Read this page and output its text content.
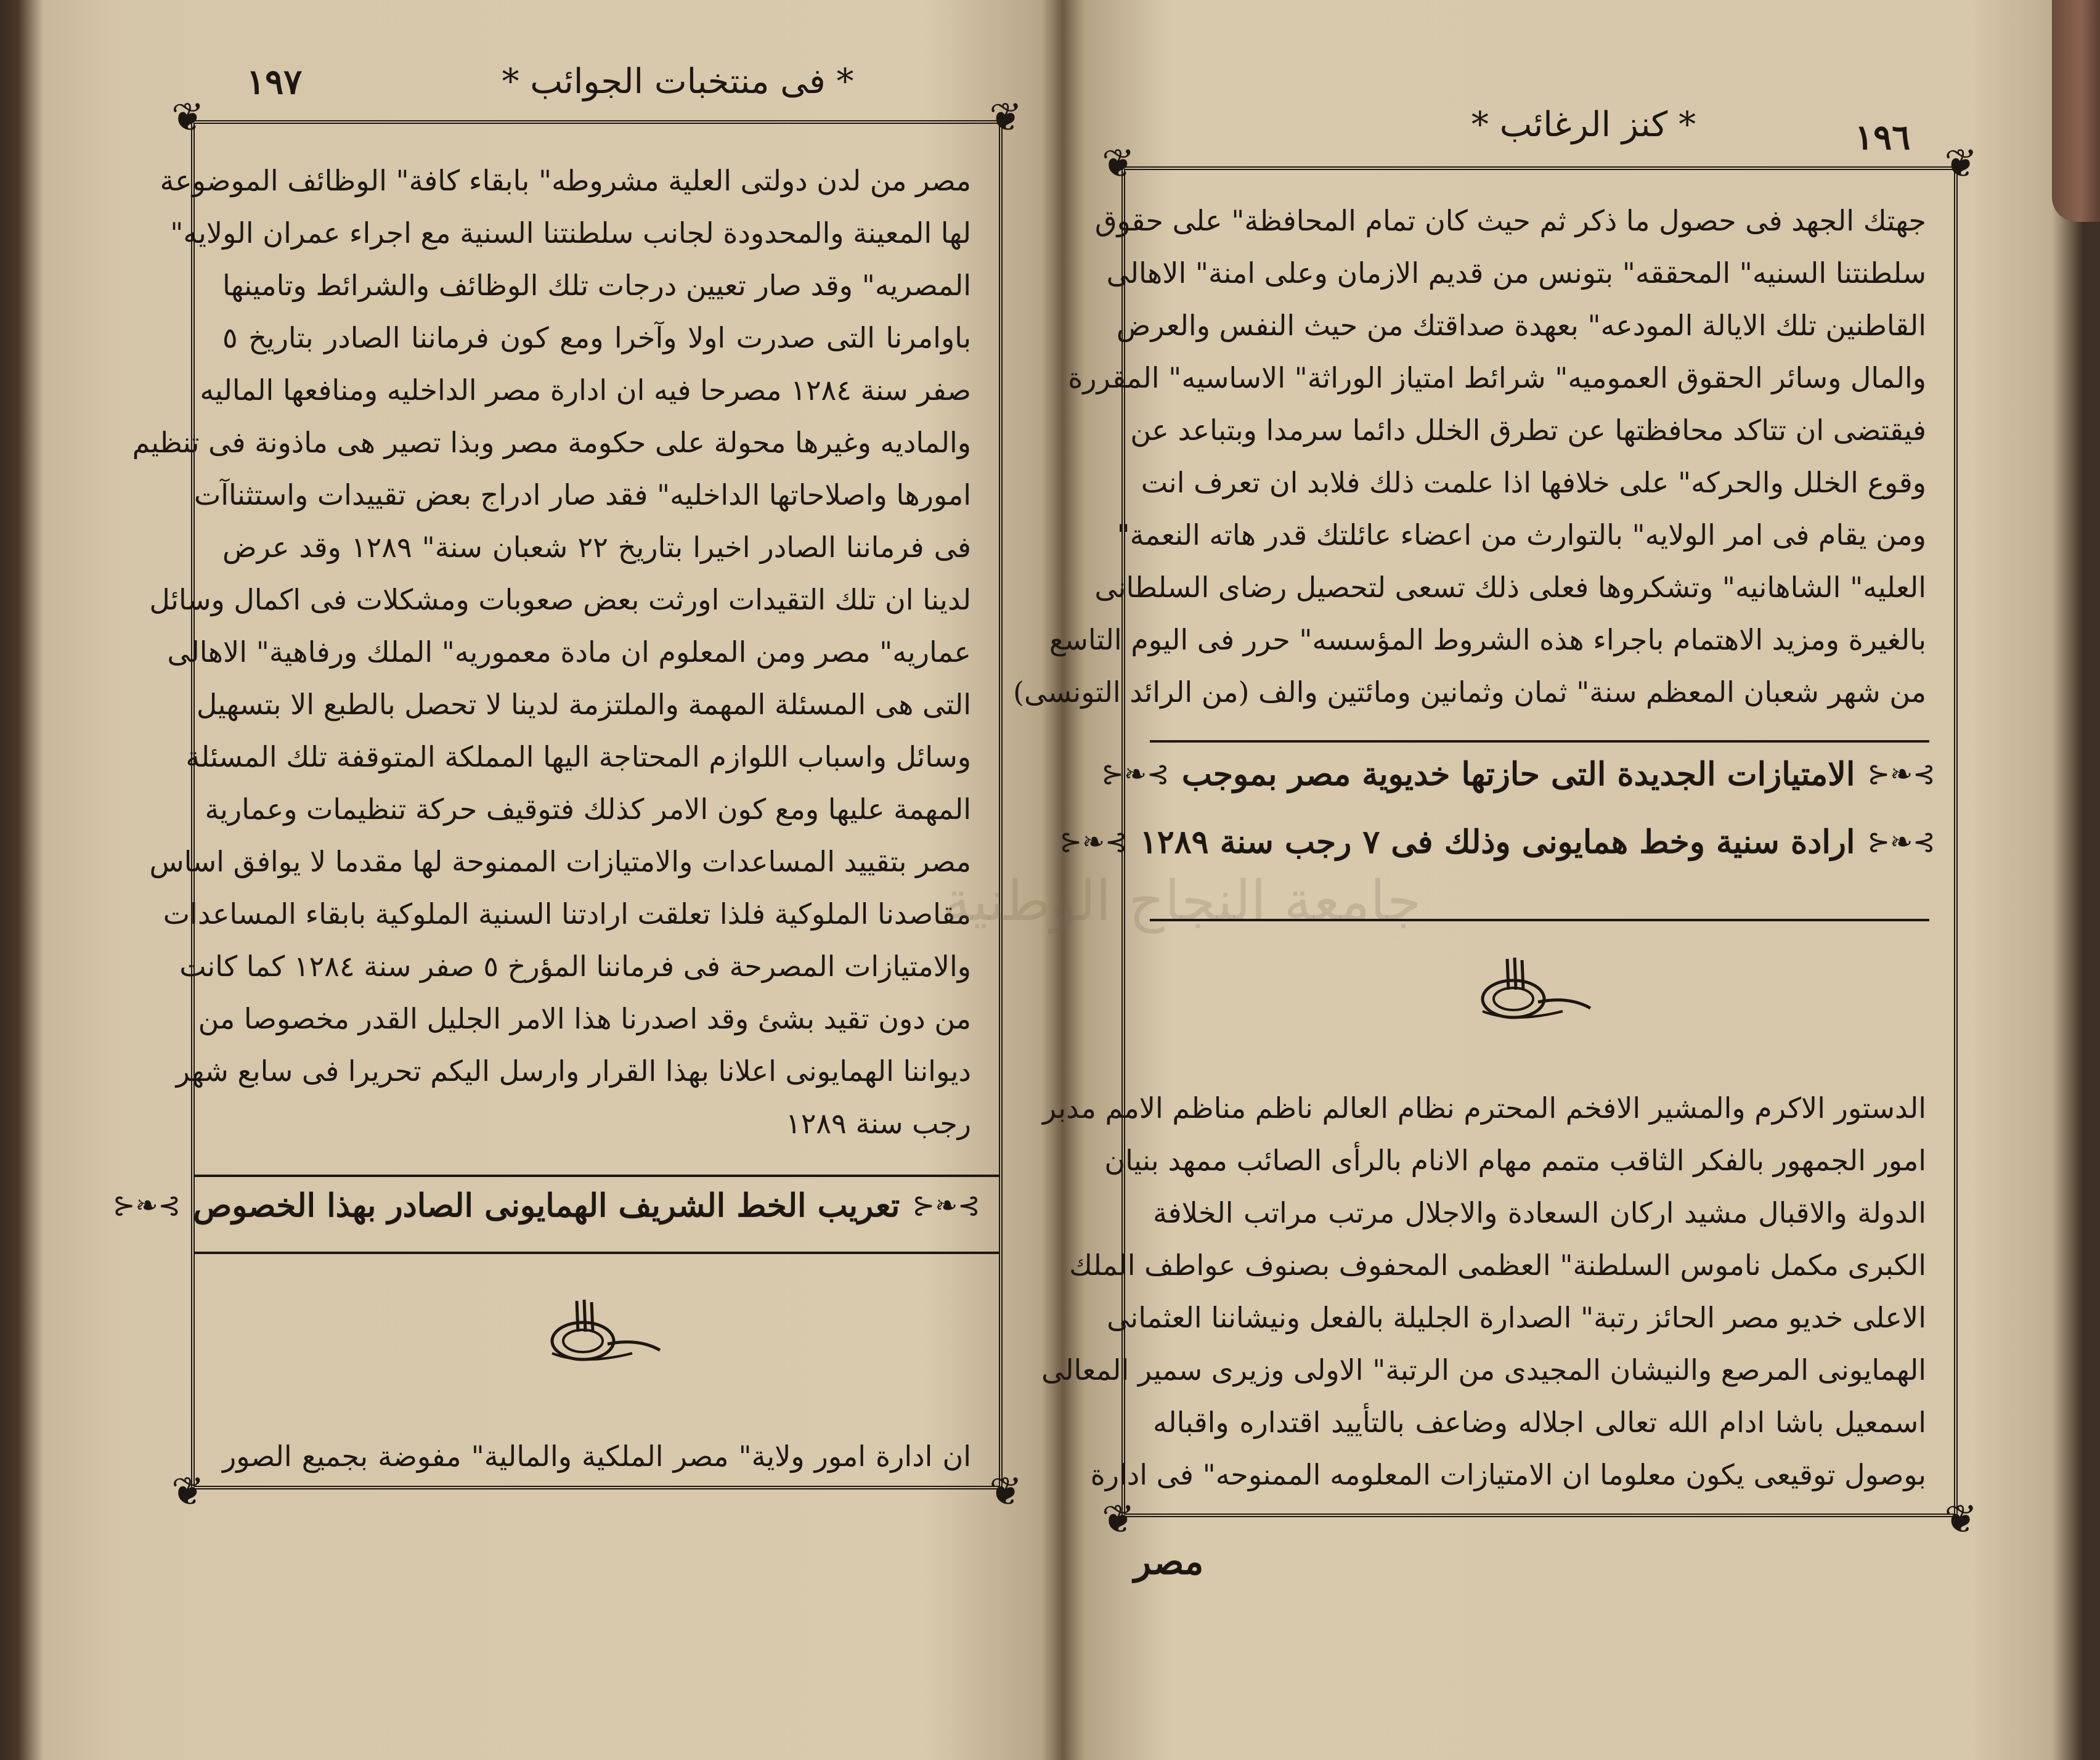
١٩٧	* فى منتخبات الجوائب *
❦	❦
❦	❦
مصر من لدن دولتى العلية مشروطه" بابقاء كافة" الوظائف الموضوعة
لها المعينة والمحدودة لجانب سلطنتنا السنية مع اجراء عمران الولايه"
المصريه" وقد صار تعيين درجات تلك الوظائف والشرائط وتامينها
باوامرنا التى صدرت اولا وآخرا ومع كون فرماننا الصادر بتاريخ ٥
صفر سنة ١٢٨٤ مصرحا فيه ان ادارة مصر الداخليه ومنافعها الماليه
والماديه وغيرها محولة على حكومة مصر وبذا تصير هى ماذونة فى تنظيم
امورها واصلاحاتها الداخليه" فقد صار ادراج بعض تقييدات واستثناآت
فى فرماننا الصادر اخيرا بتاريخ ٢٢ شعبان سنة" ١٢٨٩ وقد عرض
لدينا ان تلك التقيدات اورثت بعض صعوبات ومشكلات فى اكمال وسائل
عماريه" مصر ومن المعلوم ان مادة معموريه" الملك ورفاهية" الاهالى
التى هى المسئلة المهمة والملتزمة لدينا لا تحصل بالطبع الا بتسهيل
وسائل واسباب اللوازم المحتاجة اليها المملكة المتوقفة تلك المسئلة
المهمة عليها ومع كون الامر كذلك فتوقيف حركة تنظيمات وعمارية
مصر بتقييد المساعدات والامتيازات الممنوحة لها مقدما لا يوافق اساس
مقاصدنا الملوكية فلذا تعلقت ارادتنا السنية الملوكية بابقاء المساعدات
والامتيازات المصرحة فى فرماننا المؤرخ ٥ صفر سنة ١٢٨٤ كما كانت
من دون تقيد بشئ وقد اصدرنا هذا الامر الجليل القدر مخصوصا من
ديواننا الهمايونى اعلانا بهذا القرار وارسل اليكم تحريرا فى سابع شهر
رجب سنة ١٢٨٩
⊱❧⊰
تعريب الخط الشريف الهمايونى الصادر بهذا الخصوص
⊱❧⊰
ان ادارة امور ولاية" مصر الملكية والمالية" مفوضة بجميع الصور
جامعة النجاح الوطنية
* كنز الرغائب *	١٩٦
❦	❦
❦	❦
جهتك الجهد فى حصول ما ذكر ثم حيث كان تمام المحافظة" على حقوق
سلطنتنا السنيه" المحققه" بتونس من قديم الازمان وعلى امنة" الاهالى
القاطنين تلك الايالة المودعه" بعهدة صداقتك من حيث النفس والعرض
والمال وسائر الحقوق العموميه" شرائط امتياز الوراثة" الاساسيه" المقررة
فيقتضى ان تتاكد محافظتها عن تطرق الخلل دائما سرمدا وبتباعد عن
وقوع الخلل والحركه" على خلافها اذا علمت ذلك فلابد ان تعرف انت
ومن يقام فى امر الولايه" بالتوارث من اعضاء عائلتك قدر هاته النعمة"
العليه" الشاهانيه" وتشكروها فعلى ذلك تسعى لتحصيل رضاى السلطانى
بالغيرة ومزيد الاهتمام باجراء هذه الشروط المؤسسه" حرر فى اليوم التاسع
من شهر شعبان المعظم سنة" ثمان وثمانين ومائتين والف (من الرائد التونسى)
⊱❧⊰
الامتيازات الجديدة التى حازتها خديوية مصر بموجب
⊱❧⊰
⊱❧⊰
ارادة سنية وخط همايونى وذلك فى ٧ رجب سنة ١٢٨٩
⊱❧⊰
الدستور الاكرم والمشير الافخم المحترم نظام العالم ناظم مناظم الامم مدبر
امور الجمهور بالفكر الثاقب متمم مهام الانام بالرأى الصائب ممهد بنيان
الدولة والاقبال مشيد اركان السعادة والاجلال مرتب مراتب الخلافة
الكبرى مكمل ناموس السلطنة" العظمى المحفوف بصنوف عواطف الملك
الاعلى خديو مصر الحائز رتبة" الصدارة الجليلة بالفعل ونيشاننا العثمانى
الهمايونى المرصع والنيشان المجيدى من الرتبة" الاولى وزيرى سمير المعالى
اسمعيل باشا ادام الله تعالى اجلاله وضاعف بالتأييد اقتداره واقباله
بوصول توقيعى يكون معلوما ان الامتيازات المعلومه الممنوحه" فى ادارة
مصر
